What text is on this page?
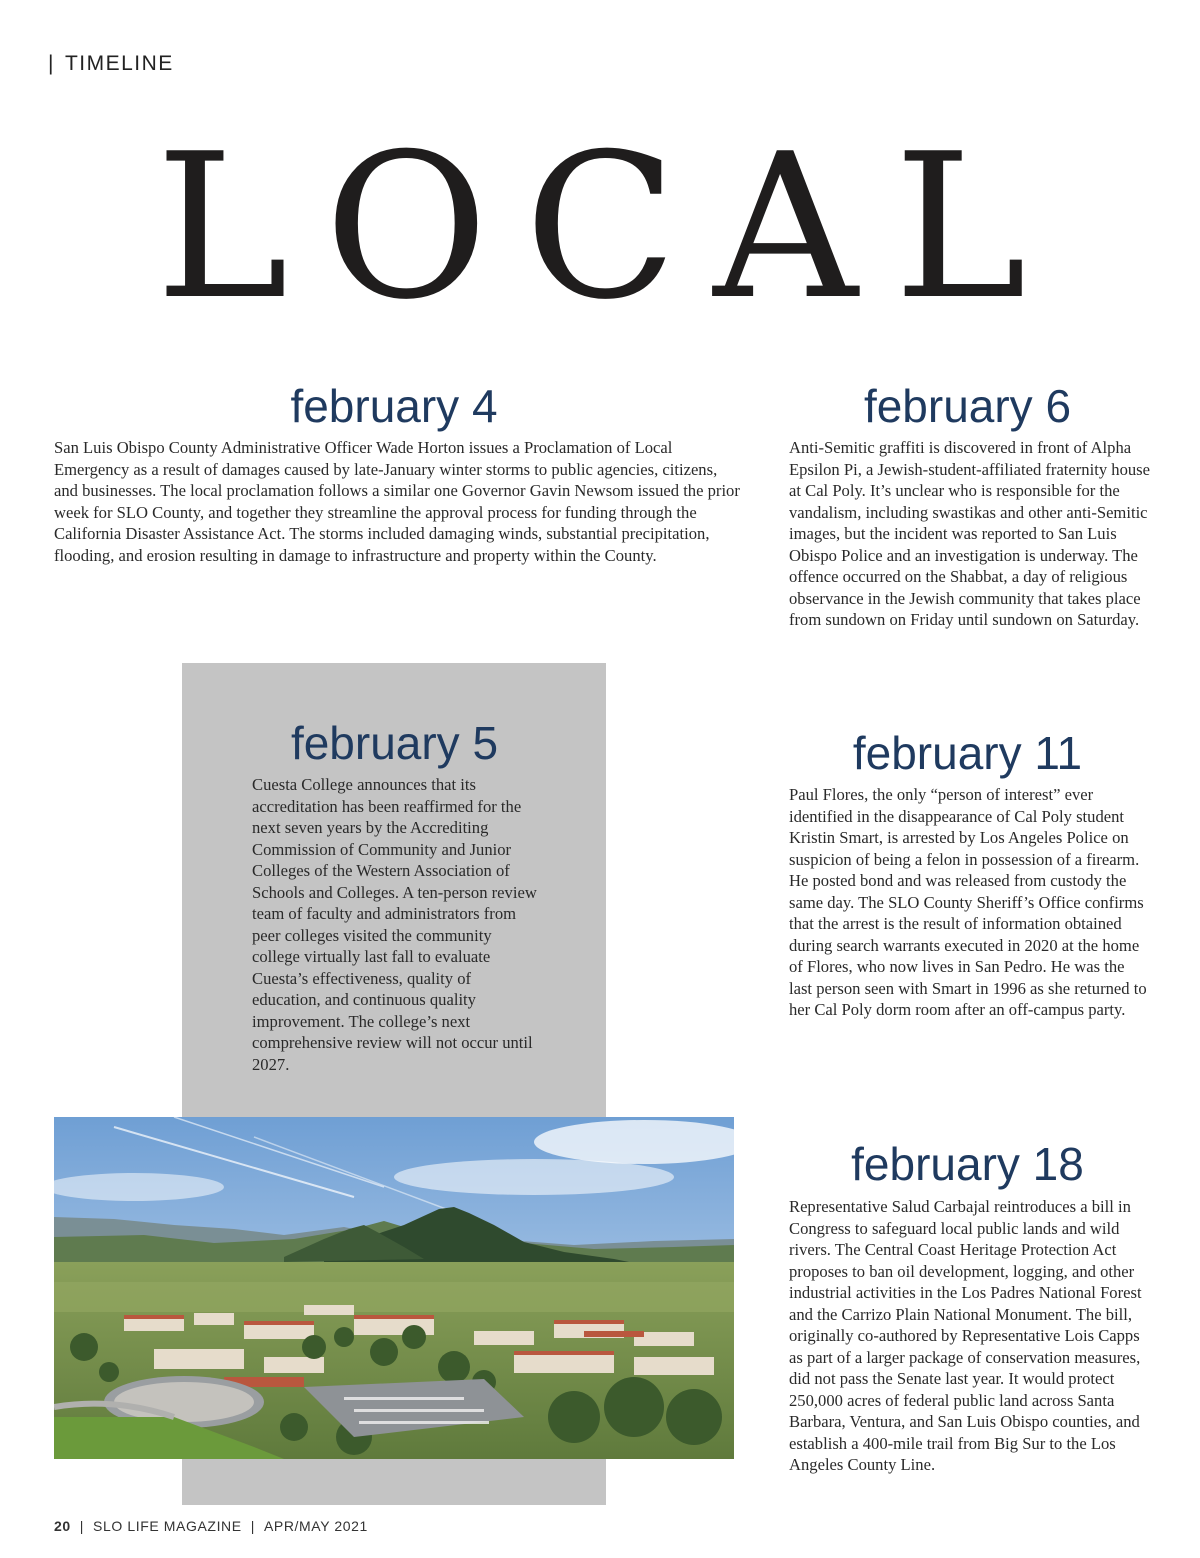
| TIMELINE
LOCAL
february 4
San Luis Obispo County Administrative Officer Wade Horton issues a Proclamation of Local Emergency as a result of damages caused by late-January winter storms to public agencies, citizens, and businesses. The local proclamation follows a similar one Governor Gavin Newsom issued the prior week for SLO County, and together they streamline the approval process for funding through the California Disaster Assistance Act. The storms included damaging winds, substantial precipitation, flooding, and erosion resulting in damage to infrastructure and property within the County.
february 6
Anti-Semitic graffiti is discovered in front of Alpha Epsilon Pi, a Jewish-student-affiliated fraternity house at Cal Poly. It’s unclear who is responsible for the vandalism, including swastikas and other anti-Semitic images, but the incident was reported to San Luis Obispo Police and an investigation is underway. The offence occurred on the Shabbat, a day of religious observance in the Jewish community that takes place from sundown on Friday until sundown on Saturday.
february 5
Cuesta College announces that its accreditation has been reaffirmed for the next seven years by the Accrediting Commission of Community and Junior Colleges of the Western Association of Schools and Colleges. A ten-person review team of faculty and administrators from peer colleges visited the community college virtually last fall to evaluate Cuesta’s effectiveness, quality of education, and continuous quality improvement. The college’s next comprehensive review will not occur until 2027.
february 11
Paul Flores, the only “person of interest” ever identified in the disappearance of Cal Poly student Kristin Smart, is arrested by Los Angeles Police on suspicion of being a felon in possession of a firearm. He posted bond and was released from custody the same day. The SLO County Sheriff’s Office confirms that the arrest is the result of information obtained during search warrants executed in 2020 at the home of Flores, who now lives in San Pedro. He was the last person seen with Smart in 1996 as she returned to her Cal Poly dorm room after an off-campus party.
february 18
Representative Salud Carbajal reintroduces a bill in Congress to safeguard local public lands and wild rivers. The Central Coast Heritage Protection Act proposes to ban oil development, logging, and other industrial activities in the Los Padres National Forest and the Carrizo Plain National Monument. The bill, originally co-authored by Representative Lois Capps as part of a larger package of conservation measures, did not pass the Senate last year. It would protect 250,000 acres of federal public land across Santa Barbara, Ventura, and San Luis Obispo counties, and establish a 400-mile trail from Big Sur to the Los Angeles County Line.
20 | SLO LIFE MAGAZINE | APR/MAY 2021
